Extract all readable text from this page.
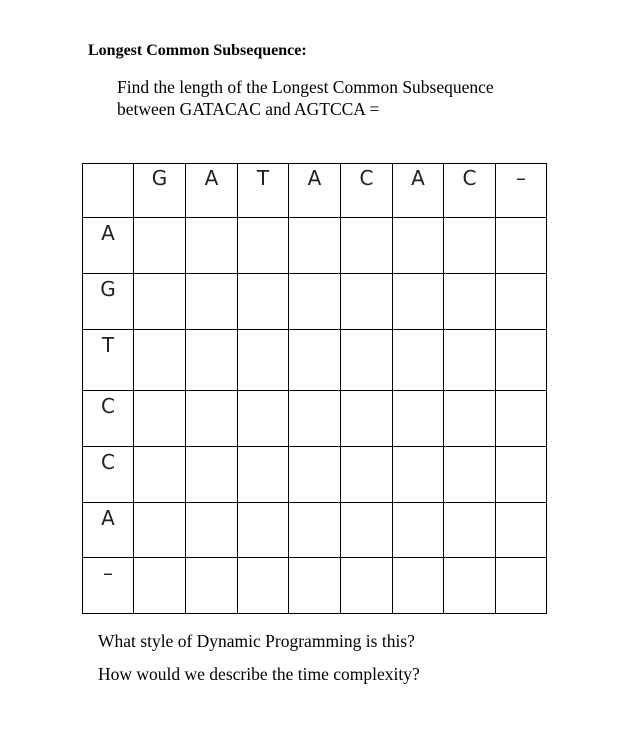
Longest Common Subsequence:
Find the length of the Longest Common Subsequence
between GATACAC and AGTCCA =
	G	A	T	A	C	A	C	–
A								
G								
T								
C								
C								
A								
–								
What style of Dynamic Programming is this?
How would we describe the time complexity?
